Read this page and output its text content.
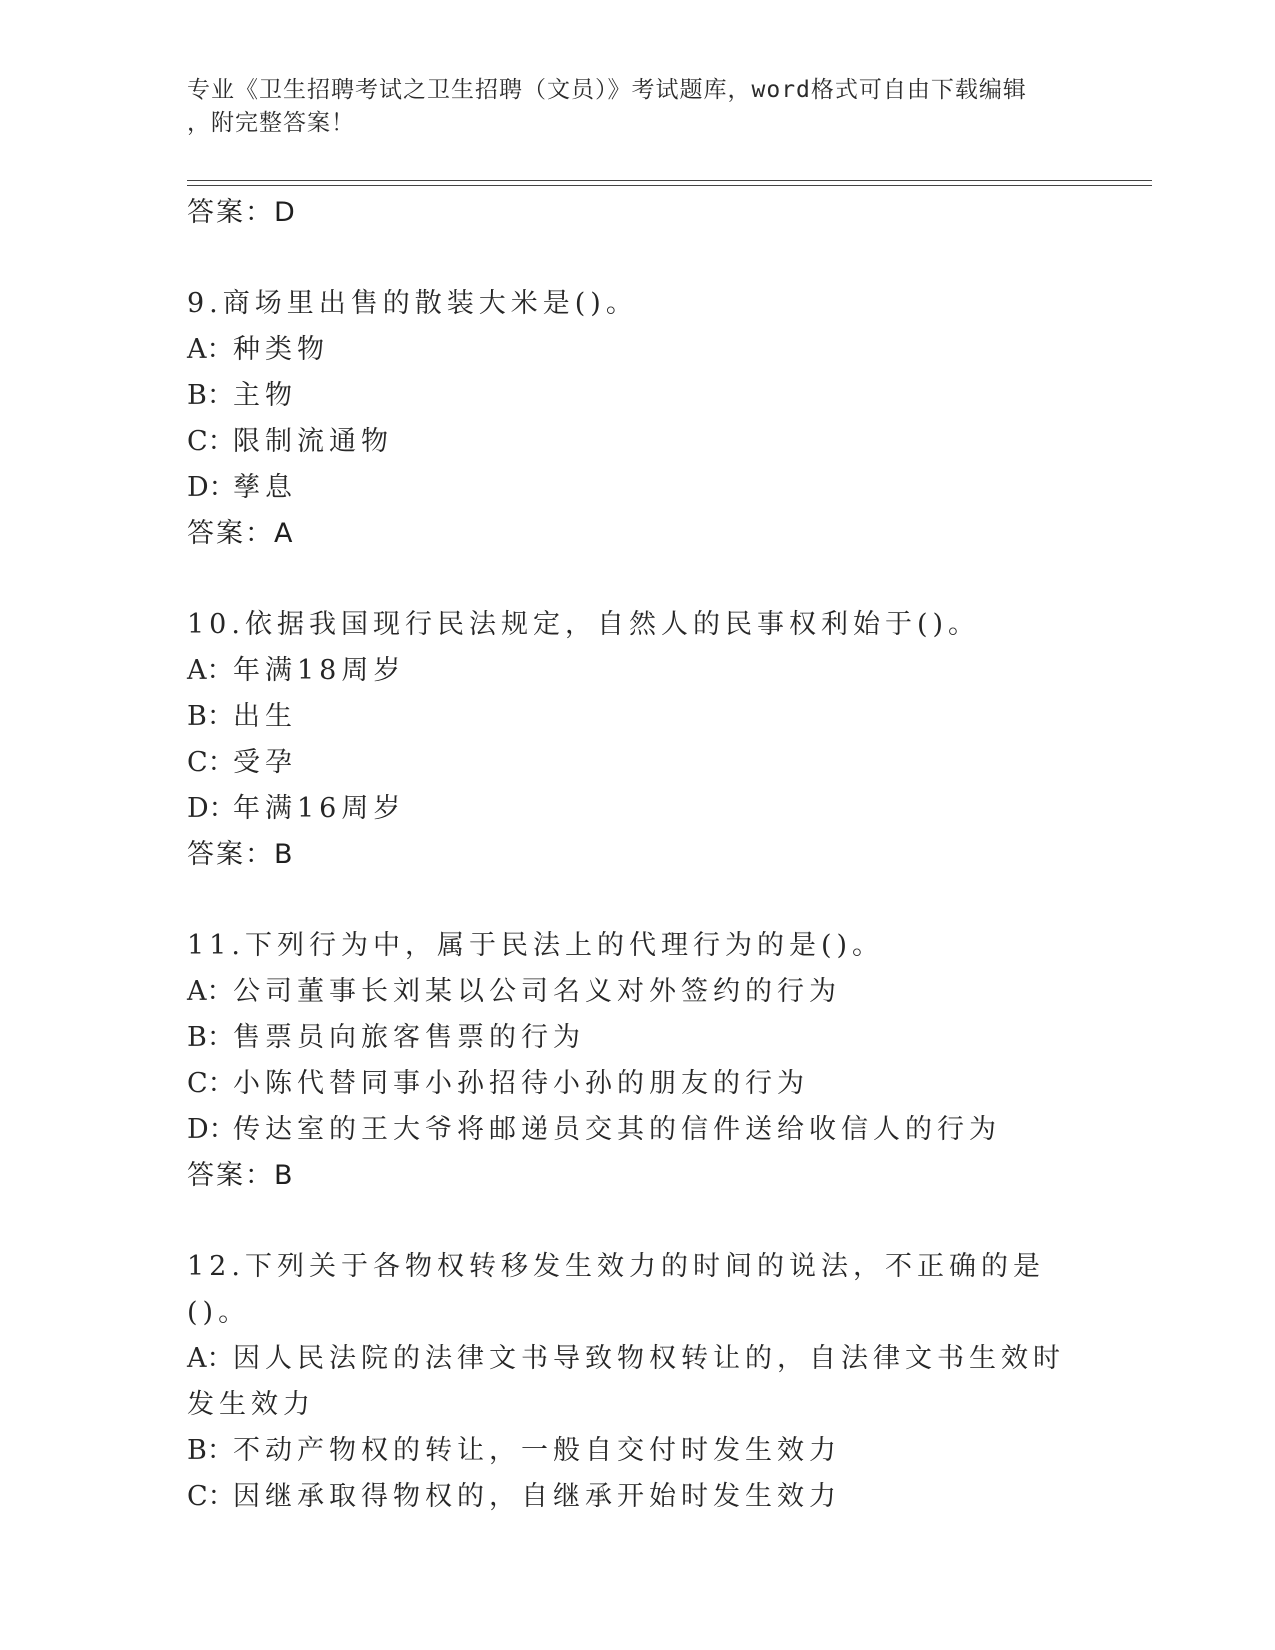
专业《卫生招聘考试之卫生招聘（文员）》考试题库，word格式可自由下载编辑
，附完整答案！
答案：D
9.商场里出售的散装大米是()。
A：种类物
B：主物
C：限制流通物
D：孳息
答案：A
10.依据我国现行民法规定，自然人的民事权利始于()。
A：年满18周岁
B：出生
C：受孕
D：年满16周岁
答案：B
11.下列行为中，属于民法上的代理行为的是()。
A：公司董事长刘某以公司名义对外签约的行为
B：售票员向旅客售票的行为
C：小陈代替同事小孙招待小孙的朋友的行为
D：传达室的王大爷将邮递员交其的信件送给收信人的行为
答案：B
12.下列关于各物权转移发生效力的时间的说法，不正确的是()。
A：因人民法院的法律文书导致物权转让的，自法律文书生效时发生效力
B：不动产物权的转让，一般自交付时发生效力
C：因继承取得物权的，自继承开始时发生效力
